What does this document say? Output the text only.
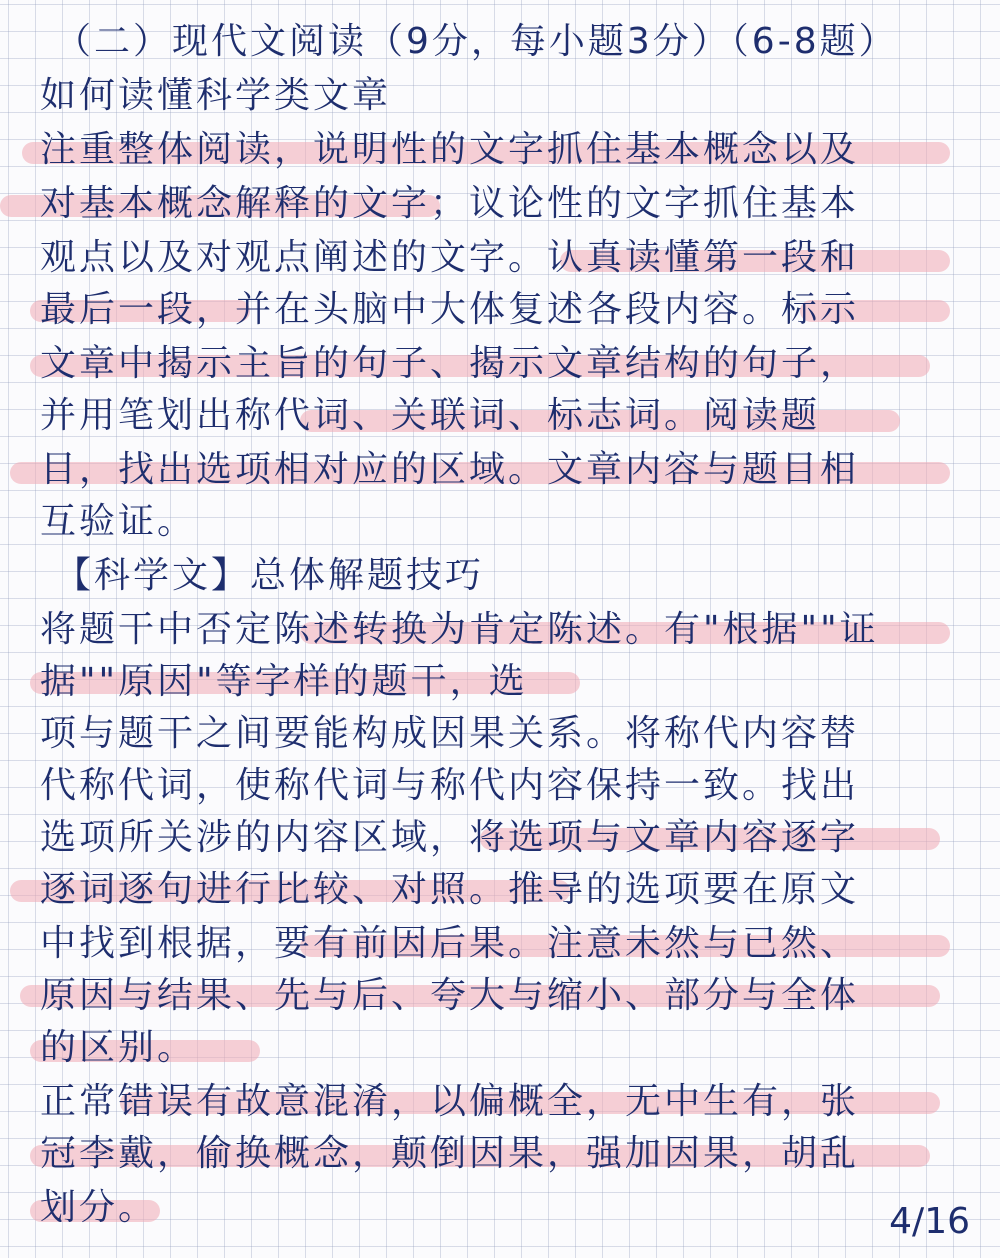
（二）现代文阅读（9分，每小题3分）（6-8题）

如何读懂科学类文章

注重整体阅读，说明性的文字抓住基本概念以及

对基本概念解释的文字；议论性的文字抓住基本

观点以及对观点阐述的文字。认真读懂第一段和

最后一段，并在头脑中大体复述各段内容。标示

文章中揭示主旨的句子、揭示文章结构的句子，

并用笔划出称代词、关联词、标志词。阅读题

目，找出选项相对应的区域。文章内容与题目相

互验证。

【科学文】总体解题技巧

将题干中否定陈述转换为肯定陈述。有"根据""证

据""原因"等字样的题干，选

项与题干之间要能构成因果关系。将称代内容替

代称代词，使称代词与称代内容保持一致。找出

选项所关涉的内容区域，将选项与文章内容逐字

逐词逐句进行比较、对照。推导的选项要在原文

中找到根据，要有前因后果。注意未然与已然、

原因与结果、先与后、夸大与缩小、部分与全体

的区别。

正常错误有故意混淆，以偏概全，无中生有，张

冠李戴，偷换概念，颠倒因果，强加因果，胡乱

划分。	4/16
